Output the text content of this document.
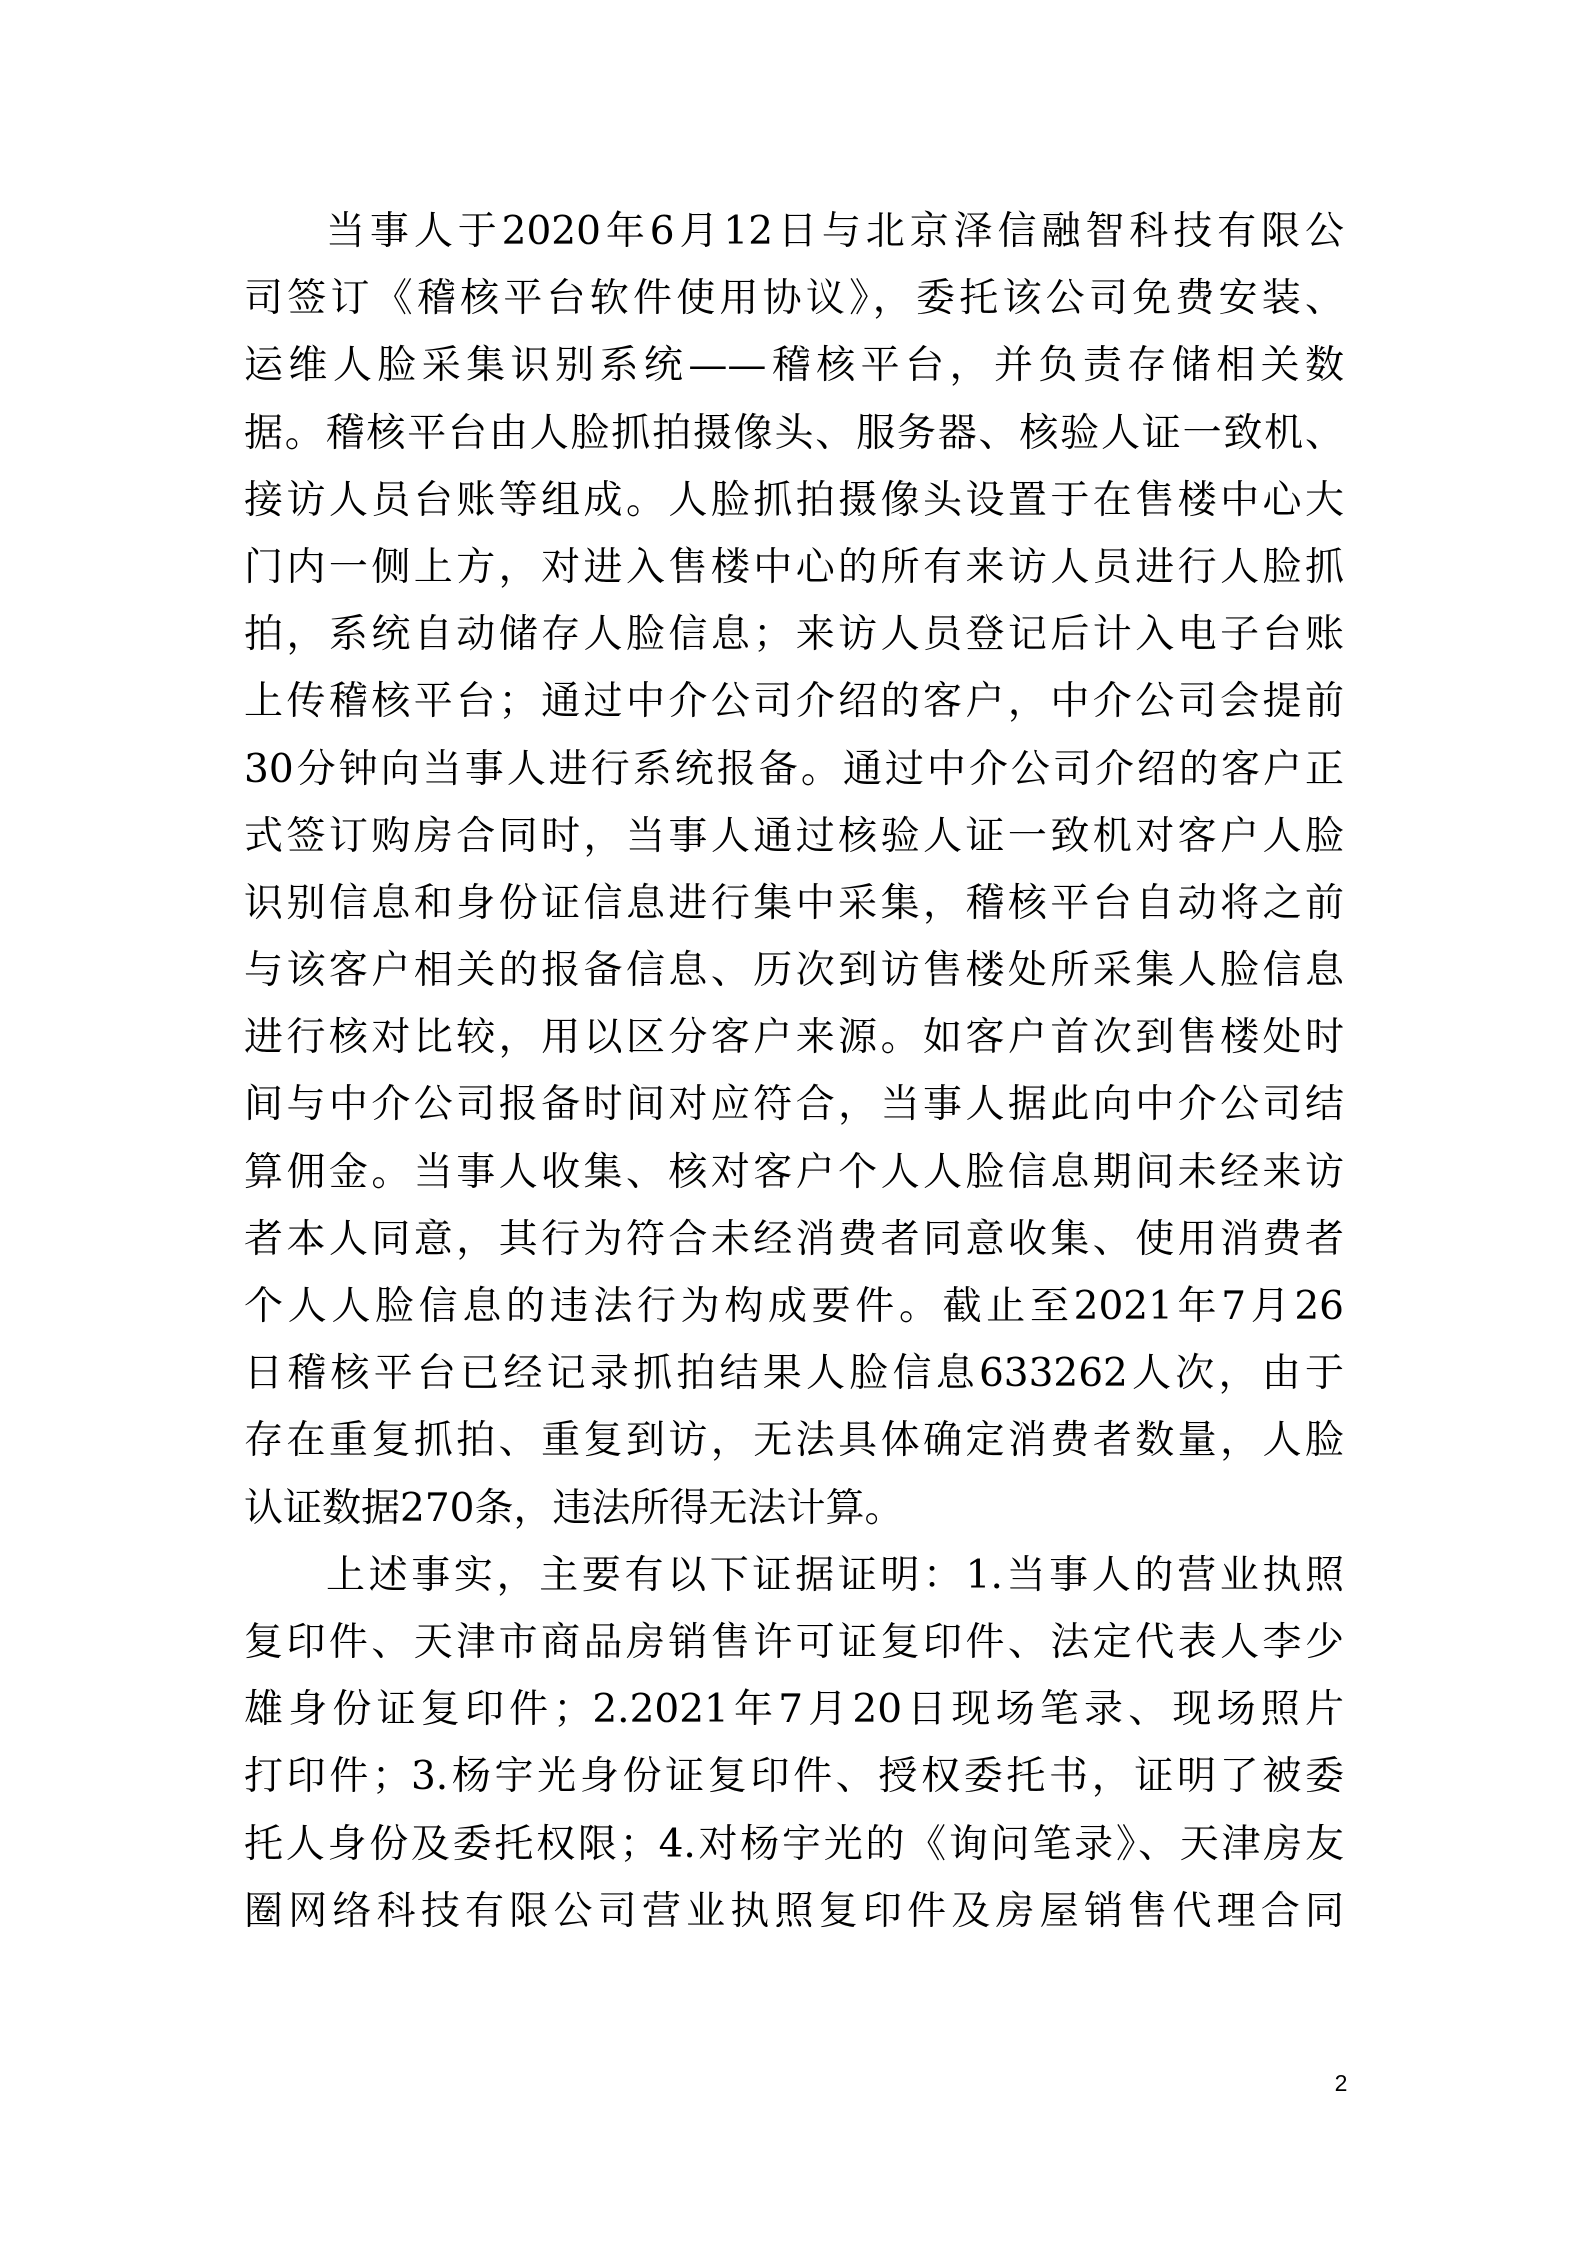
当事人于2020年6月12日与北京泽信融智科技有限公
司签订《稽核平台软件使用协议》，委托该公司免费安装、
运维人脸采集识别系统——稽核平台，并负责存储相关数
据。稽核平台由人脸抓拍摄像头、服务器、核验人证一致机、
接访人员台账等组成。人脸抓拍摄像头设置于在售楼中心大
门内一侧上方，对进入售楼中心的所有来访人员进行人脸抓
拍，系统自动储存人脸信息；来访人员登记后计入电子台账
上传稽核平台；通过中介公司介绍的客户，中介公司会提前
30分钟向当事人进行系统报备。通过中介公司介绍的客户正
式签订购房合同时，当事人通过核验人证一致机对客户人脸
识别信息和身份证信息进行集中采集，稽核平台自动将之前
与该客户相关的报备信息、历次到访售楼处所采集人脸信息
进行核对比较，用以区分客户来源。如客户首次到售楼处时
间与中介公司报备时间对应符合，当事人据此向中介公司结
算佣金。当事人收集、核对客户个人人脸信息期间未经来访
者本人同意，其行为符合未经消费者同意收集、使用消费者
个人人脸信息的违法行为构成要件。截止至2021年7月26
日稽核平台已经记录抓拍结果人脸信息633262人次，由于
存在重复抓拍、重复到访，无法具体确定消费者数量，人脸
认证数据270条，违法所得无法计算。
上述事实，主要有以下证据证明：1.当事人的营业执照
复印件、天津市商品房销售许可证复印件、法定代表人李少
雄身份证复印件；2.2021年7月20日现场笔录、现场照片
打印件；3.杨宇光身份证复印件、授权委托书，证明了被委
托人身份及委托权限；4.对杨宇光的《询问笔录》、天津房友
圈网络科技有限公司营业执照复印件及房屋销售代理合同
2
